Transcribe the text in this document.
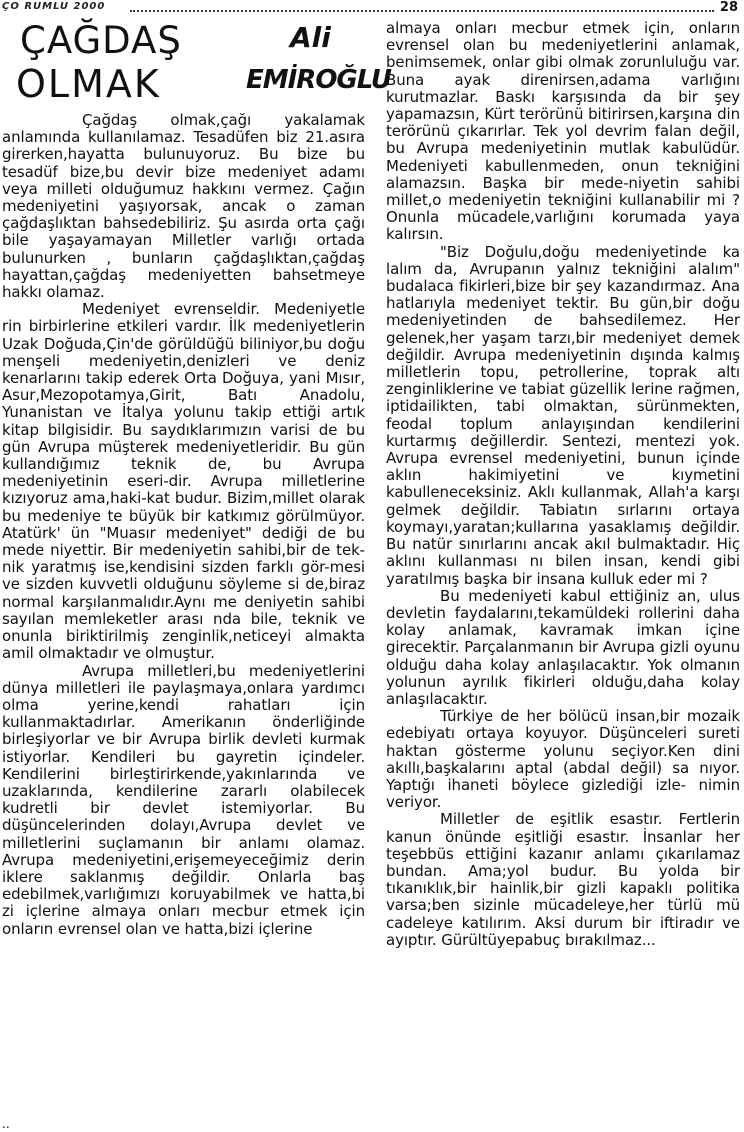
ÇO RUMLU 2000	28
ÇAĞDAŞ
OLMAK
Ali
EMİROĞLU

Çağdaş olmak,çağı yakalamak anlamında kullanılamaz. Tesadüfen biz 21.asıra girerken,hayatta bulunuyoruz. Bu bize bu tesadüf bize,bu devir bize medeniyet adamı veya milleti olduğumuz hakkını vermez. Çağın medeniyetini yaşıyorsak, ancak o zaman çağdaşlıktan bahsedebiliriz. Şu asırda orta çağı bile yaşayamayan Milletler varlığı ortada bulunurken , bunların çağdaşlıktan,çağdaş hayattan,çağdaş medeniyetten bahsetmeye hakkı olamaz.

Medeniyet evrenseldir. Medeniyetle rin birbirlerine etkileri vardır. İlk medeniyetlerin Uzak Doğuda,Çin'de görüldüğü biliniyor,bu doğu menşeli medeniyetin,denizleri ve deniz kenarlarını takip ederek Orta Doğuya, yani Mısır, Asur,Mezopotamya,Girit, Batı Anadolu, Yunanistan ve İtalya yolunu takip ettiği artık kitap bilgisidir. Bu saydıklarımızın varisi de bu gün Avrupa müşterek medeniyetleridir. Bu gün kullandığımız teknik de, bu Avrupa medeniyetinin eseri-dir. Avrupa milletlerine kızıyoruz ama,haki-kat budur. Bizim,millet olarak bu medeniye te büyük bir katkımız görülmüyor. Atatürk' ün "Muasır medeniyet" dediği de bu mede niyettir. Bir medeniyetin sahibi,bir de tek-nik yaratmış ise,kendisini sizden farklı gör-mesi ve sizden kuvvetli olduğunu söyleme si de,biraz normal karşılanmalıdır.Aynı me deniyetin sahibi sayılan memleketler arası nda bile, teknik ve onunla biriktirilmiş zenginlik,neticeyi almakta amil olmaktadır ve olmuştur.

Avrupa milletleri,bu medeniyetlerini dünya milletleri ile paylaşmaya,onlara yardımcı olma yerine,kendi rahatları için kullanmaktadırlar. Amerikanın önderliğinde birleşiyorlar ve bir Avrupa birlik devleti kurmak istiyorlar. Kendileri bu gayretin içindeler. Kendilerini birleştirirkende,yakınlarında ve uzaklarında, kendilerine zararlı olabilecek kudretli bir devlet istemiyorlar. Bu düşüncelerinden dolayı,Avrupa devlet ve milletlerini suçlamanın bir anlamı olamaz. Avrupa medeniyetini,erişemeyeceğimiz derin iklere saklanmış değildir. Onlarla baş edebilmek,varlığımızı koruyabilmek ve hatta,bi zi içlerine almaya onları mecbur etmek için onların evrensel olan ve hatta,bizi içlerine

..

almaya onları mecbur etmek için, onların evrensel olan bu medeniyetlerini anlamak, benimsemek, onlar gibi olmak zorunluluğu var. Buna ayak direnirsen,adama varlığını kurutmazlar. Baskı karşısında da bir şey yapamazsın, Kürt terörünü bitirirsen,karşına din terörünü çıkarırlar. Tek yol devrim falan değil, bu Avrupa medeniyetinin mutlak kabulüdür. Medeniyeti kabullenmeden, onun tekniğini alamazsın. Başka bir mede-niyetin sahibi millet,o medeniyetin tekniğini kullanabilir mi ? Onunla mücadele,varlığını korumada yaya kalırsın.

"Biz Doğulu,doğu medeniyetinde ka lalım da, Avrupanın yalnız tekniğini alalım" budalaca fikirleri,bize bir şey kazandırmaz. Ana hatlarıyla medeniyet tektir. Bu gün,bir doğu medeniyetinden de bahsedilemez. Her gelenek,her yaşam tarzı,bir medeniyet demek değildir. Avrupa medeniyetinin dışında kalmış milletlerin topu, petrollerine, toprak altı zenginliklerine ve tabiat güzellik lerine rağmen, iptidailikten, tabi olmaktan, sürünmekten, feodal toplum anlayışından kendilerini kurtarmış değillerdir. Sentezi, mentezi yok. Avrupa evrensel medeniyetini, bunun içinde aklın hakimiyetini ve kıymetini kabulleneceksiniz. Aklı kullanmak, Allah'a karşı gelmek değildir. Tabiatın sırlarını ortaya koymayı,yaratan;kullarına yasaklamış değildir. Bu natür sınırlarını ancak akıl bulmaktadır. Hiç aklını kullanması nı bilen insan, kendi gibi yaratılmış başka bir insana kulluk eder mi ?

Bu medeniyeti kabul ettiğiniz an, ulus devletin faydalarını,tekamüldeki rollerini daha kolay anlamak, kavramak imkan içine girecektir. Parçalanmanın bir Avrupa gizli oyunu olduğu daha kolay anlaşılacaktır. Yok olmanın yolunun ayrılık fikirleri olduğu,daha kolay anlaşılacaktır.

Türkiye de her bölücü insan,bir mozaik edebiyatı ortaya koyuyor. Düşünceleri sureti haktan gösterme yolunu seçiyor.Ken dini akıllı,başkalarını aptal (abdal değil) sa nıyor. Yaptığı ihaneti böylece gizlediği izle- nimin veriyor.

Milletler de eşitlik esastır. Fertlerin kanun önünde eşitliği esastır. İnsanlar her teşebbüs ettiğini kazanır anlamı çıkarılamaz bundan. Ama;yol budur. Bu yolda bir tıkanıklık,bir hainlik,bir gizli kapaklı politika varsa;ben sizinle mücadeleye,her türlü mü cadeleye katılırım. Aksi durum bir iftiradır ve ayıptır. Gürültüyepabuç bırakılmaz...
